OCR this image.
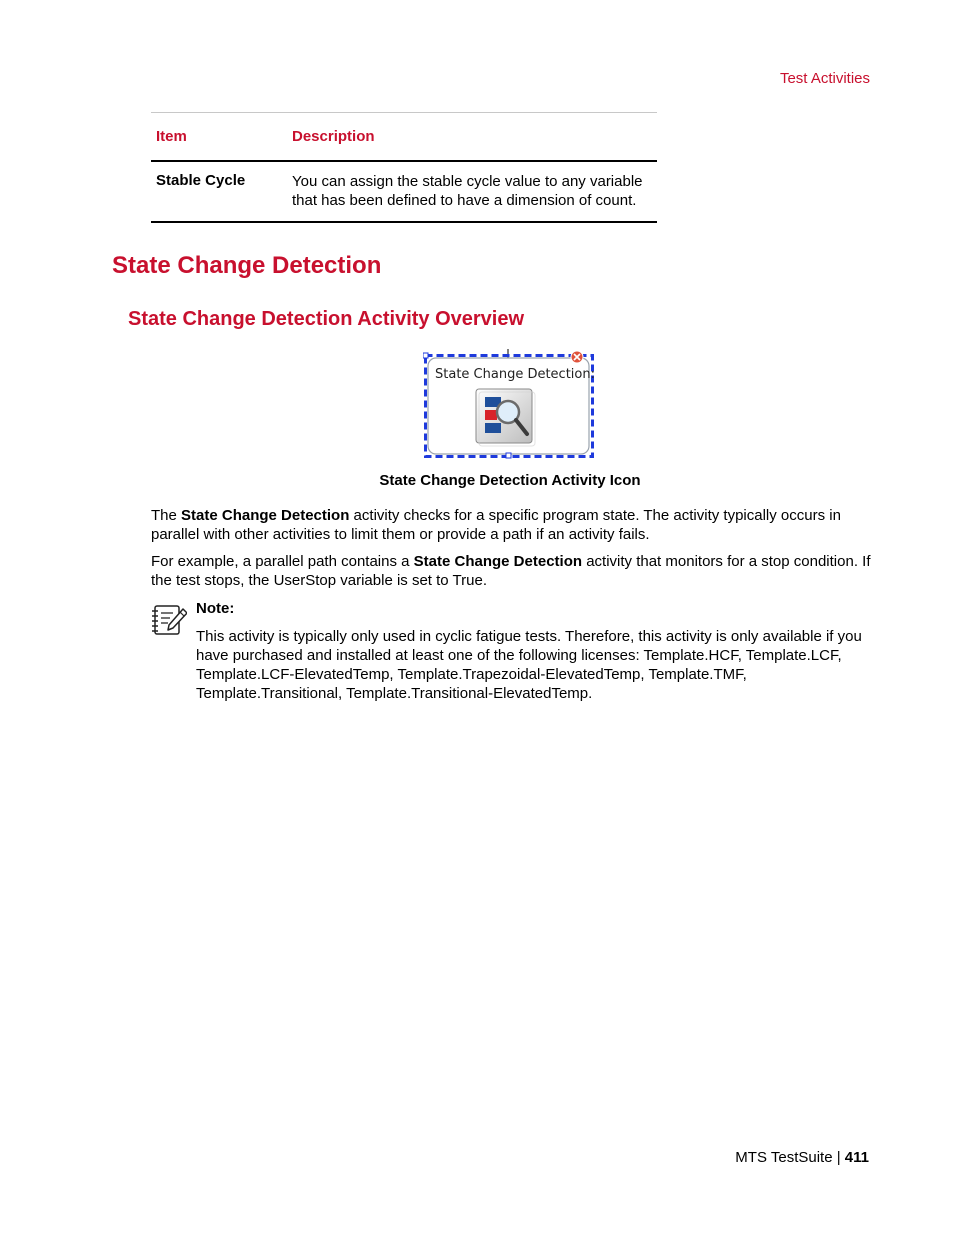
Test Activities
Item	Description
Stable Cycle	You can assign the stable cycle value to any variable that has been defined to have a dimension of count.
State Change Detection
State Change Detection Activity Overview
State Change Detection:
State Change Detection Activity Icon
The State Change Detection activity checks for a specific program state. The activity typically occurs in parallel with other activities to limit them or provide a path if an activity fails.
For example, a parallel path contains a State Change Detection activity that monitors for a stop condition. If the test stops, the UserStop variable is set to True.
Note:
This activity is typically only used in cyclic fatigue tests. Therefore, this activity is only available if you have purchased and installed at least one of the following licenses: Template.HCF, Template.LCF, Template.LCF-ElevatedTemp, Template.Trapezoidal-ElevatedTemp, Template.TMF, Template.Transitional, Template.Transitional-ElevatedTemp.
MTS TestSuite | 411
